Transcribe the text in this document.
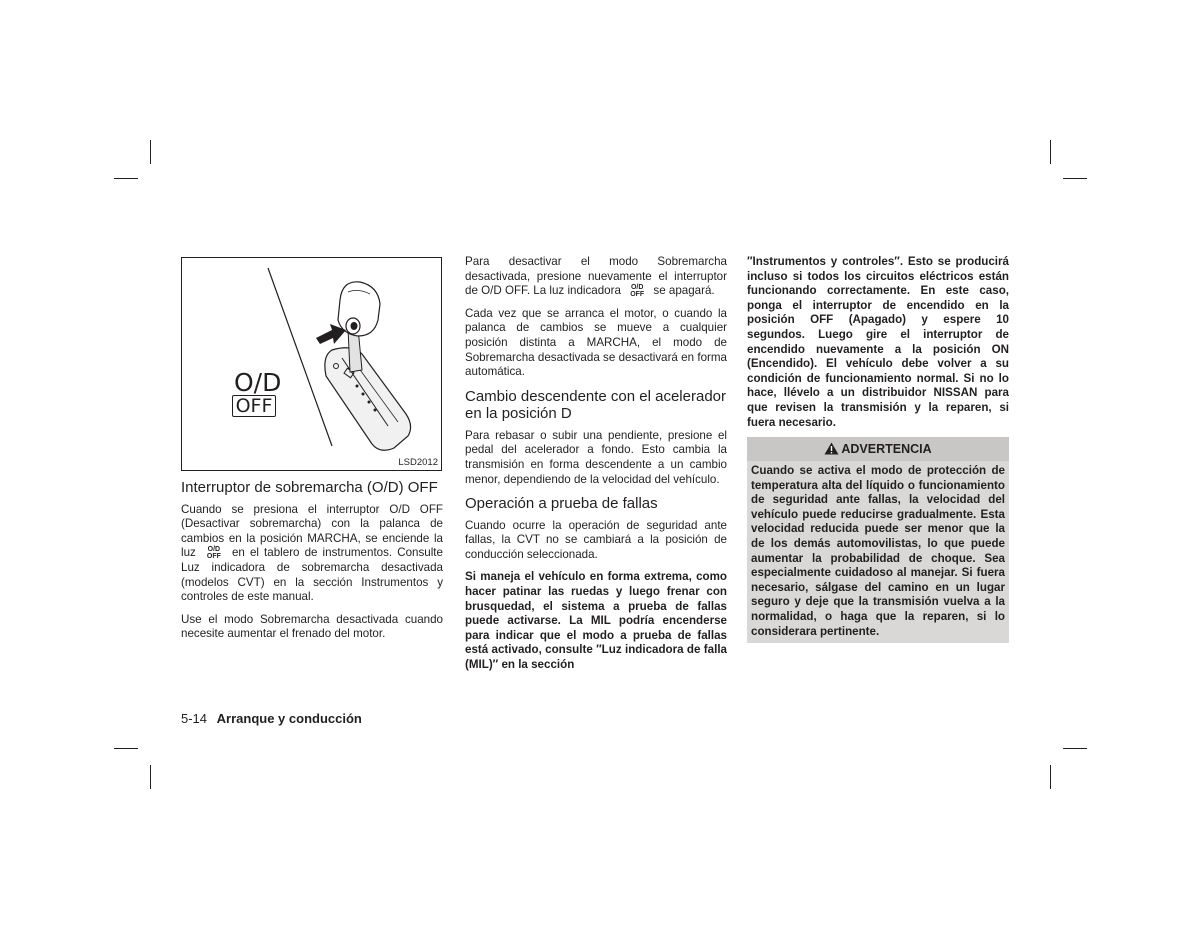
O/D
OFF
LSD2012
Interruptor de sobremarcha (O/D) OFF

Cuando se presiona el interruptor O/D OFF (Desactivar sobremarcha) con la palanca de cambios en la posición MARCHA, se enciende la luz O/D
OFF en el tablero de instrumentos. Consulte Luz indicadora de sobremarcha desactivada (modelos CVT) en la sección Instrumentos y controles de este manual.

Use el modo Sobremarcha desactivada cuando necesite aumentar el frenado del motor.

Para desactivar el modo Sobremarcha desactivada, presione nuevamente el interruptor de O/D OFF. La luz indicadora O/D
OFF se apagará.

Cada vez que se arranca el motor, o cuando la palanca de cambios se mueve a cualquier posición distinta a MARCHA, el modo de Sobremarcha desactivada se desactivará en forma automática.

Cambio descendente con el acelerador
en la posición D

Para rebasar o subir una pendiente, presione el pedal del acelerador a fondo. Esto cambia la transmisión en forma descendente a un cambio menor, dependiendo de la velocidad del vehículo.

Operación a prueba de fallas

Cuando ocurre la operación de seguridad ante fallas, la CVT no se cambiará a la posición de conducción seleccionada.

Si maneja el vehículo en forma extrema, como hacer patinar las ruedas y luego frenar con brusquedad, el sistema a prueba de fallas puede activarse. La MIL podría encenderse para indicar que el modo a prueba de fallas está activado, consulte ″Luz indicadora de falla (MIL)″ en la sección

″Instrumentos y controles″. Esto se producirá incluso si todos los circuitos eléctricos están funcionando correctamente. En este caso, ponga el interruptor de encendido en la posición OFF (Apagado) y espere 10 segundos. Luego gire el interruptor de encendido nuevamente a la posición ON (Encendido). El vehículo debe volver a su condición de funcionamiento normal. Si no lo hace, llévelo a un distribuidor NISSAN para que revisen la transmisión y la reparen, si fuera necesario.

ADVERTENCIA
Cuando se activa el modo de protección de temperatura alta del líquido o funcionamiento de seguridad ante fallas, la velocidad del vehículo puede reducirse gradualmente. Esta velocidad reducida puede ser menor que la de los demás automovilistas, lo que puede aumentar la probabilidad de choque. Sea especialmente cuidadoso al manejar. Si fuera necesario, sálgase del camino en un lugar seguro y deje que la transmisión vuelva a la normalidad, o haga que la reparen, si lo considerara pertinente.
5-14 Arranque y conducción
